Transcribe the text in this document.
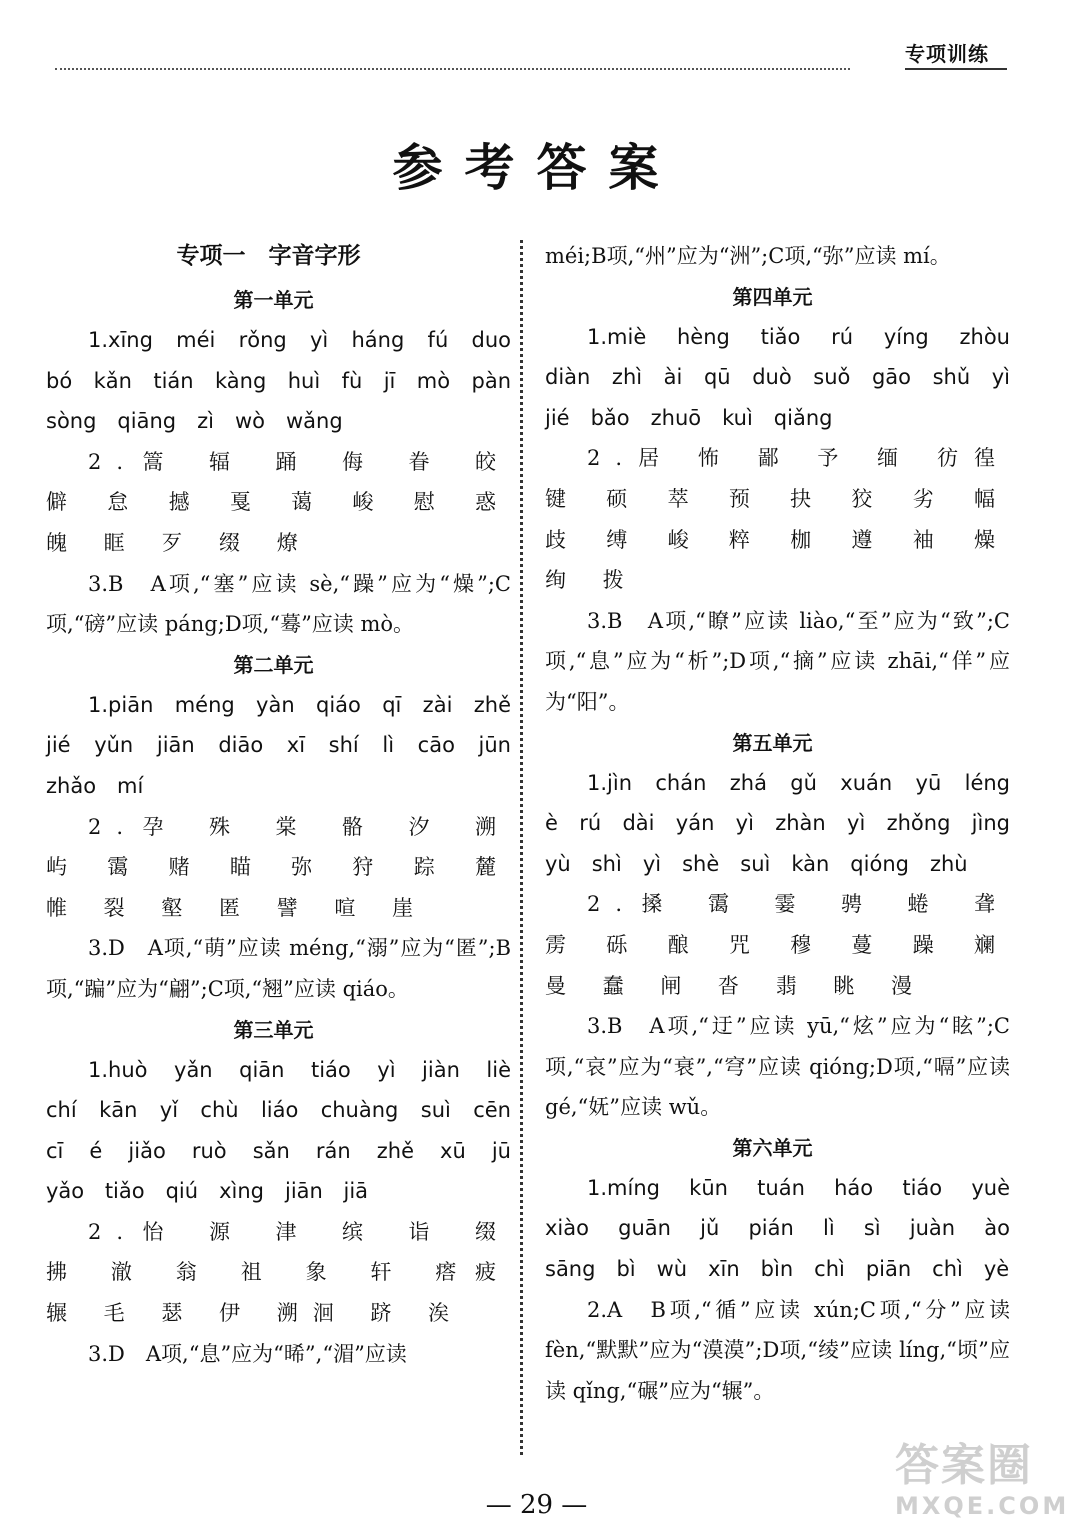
专项训练
参考答案
专项一　字音字形
第一单元

1.xīng　méi　rǒng　yì　háng　fú　duo　bó　kǎn　tián　kàng　huì　fù　jī　mò　pàn　sòng　qiāng　zì　wò　wǎng

2.篙 辐 踊 侮 眷 皎 僻 怠 撼 戛 蔼 峻 慰 惑 魄 眶 歹 缀 燎

3.B　A项,“塞”应读 sè,“躁”应为“燥”;C项,“磅”应读 páng;D项,“蓦”应读 mò。

第二单元

1.piān　méng　yàn　qiáo　qī　zài　zhě　jié　yǔn　jiān　diāo　xī　shí　lì　cāo　jūn　zhǎo　mí

2.孕 殊 棠 骼 汐 溯 屿 霭 赌 瞄 弥 狩 踪 麓 帷 裂 壑 匿 譬 喧 崖

3.D　A项,“萌”应读 méng,“溺”应为“匿”;B项,“蹁”应为“翩”;C项,“翘”应读 qiáo。

第三单元

1.huò　yǎn　qiān　tiáo　yì　jiàn　liè　chí　kān　yǐ　chù　liáo　chuàng　suì　cēn cī　é　jiǎo　ruò　sǎn　rán　zhě　xū　jū　yǎo tiǎo　qiú　xìng　jiān jiā

2.怡 源 津 缤 诣 缀 拂 澈 翁 祖 象 轩 瘩疲 辗 毛 瑟 伊 溯洄 跻 涘

3.D　A项,“息”应为“晞”,“湄”应读

méi;B项,“州”应为“洲”;C项,“弥”应读 mí。

第四单元

1.miè　hèng　tiǎo　rú　yíng　zhòu　diàn　zhì　ài　qū　duò　suǒ　gāo　shǔ　yì　jié　bǎo　zhuō　kuì　qiǎng

2.居 怖 鄙 予 缅 彷徨 键 硕 萃 预 抉 狡 劣 幅 歧 缚 峻 粹 枷 遵 袖 燥 绚 拨

3.B　A项,“瞭”应读 liào,“至”应为“致”;C项,“息”应为“析”;D项,“摘”应读 zhāi,“佯”应为“阳”。

第五单元

1.jìn　chán　zhá　gǔ　xuán　yū　léng　è　rú　dài　yán　yì　zhàn　yì　zhǒng　jìng　yù　shì　yì　shè　suì　kàn　qióng　zhù

2.搡 霭 霎 骋 蜷 聋 雳 砾 酿 咒 穆 蔓 躁 斓 曼 蠢 闸 沓 翡 眺 漫

3.B　A项,“迂”应读 yū,“炫”应为“眩”;C项,“哀”应为“衰”,“穹”应读 qióng;D项,“嗝”应读 gé,“妩”应读 wǔ。

第六单元

1.míng　kūn　tuán　háo　tiáo　yuè　xiào　guān　jǔ　pián　lì　sì　juàn　ào　sāng　bì　wù　xīn　bìn　chì　piān　chì　yè

2.A　B项,“循”应读 xún;C项,“分”应读 fèn,“默默”应为“漠漠”;D项,“绫”应读 líng,“顷”应读 qǐng,“碾”应为“辗”。

— 29 —
答案圈
MXQE.COM
